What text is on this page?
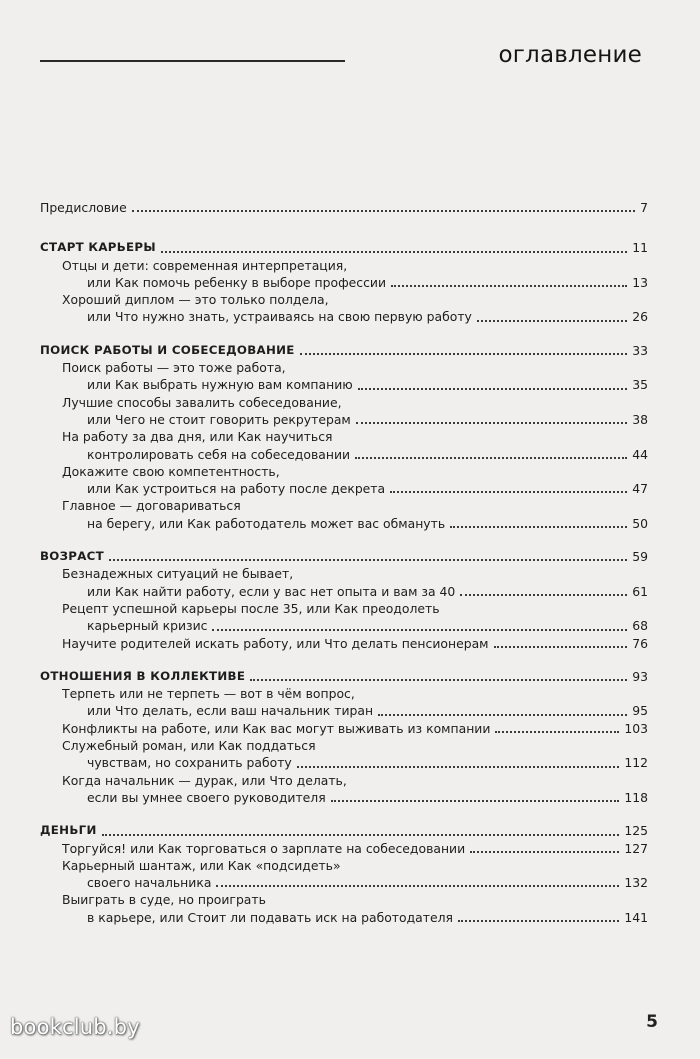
оглавление
Предисловие	7
СТАРТ КАРЬЕРЫ	11
Отцы и дети: современная интерпретация,
или Как помочь ребенку в выборе профессии	13
Хороший диплом — это только полдела,
или Что нужно знать, устраиваясь на свою первую работу	26
ПОИСК РАБОТЫ И СОБЕСЕДОВАНИЕ	33
Поиск работы — это тоже работа,
или Как выбрать нужную вам компанию	35
Лучшие способы завалить собеседование,
или Чего не стоит говорить рекрутерам	38
На работу за два дня, или Как научиться
контролировать себя на собеседовании	44
Докажите свою компетентность,
или Как устроиться на работу после декрета	47
Главное — договариваться
на берегу, или Как работодатель может вас обмануть	50
ВОЗРАСТ	59
Безнадежных ситуаций не бывает,
или Как найти работу, если у вас нет опыта и вам за 40	61
Рецепт успешной карьеры после 35, или Как преодолеть
карьерный кризис	68
Научите родителей искать работу, или Что делать пенсионерам	76
ОТНОШЕНИЯ В КОЛЛЕКТИВЕ	93
Терпеть или не терпеть — вот в чём вопрос,
или Что делать, если ваш начальник тиран	95
Конфликты на работе, или Как вас могут выживать из компании	103
Служебный роман, или Как поддаться
чувствам, но сохранить работу	112
Когда начальник — дурак, или Что делать,
если вы умнее своего руководителя	118
ДЕНЬГИ	125
Торгуйся! или Как торговаться о зарплате на собеседовании	127
Карьерный шантаж, или Как «подсидеть»
своего начальника	132
Выиграть в суде, но проиграть
в карьере, или Стоит ли подавать иск на работодателя	141
bookclub.by	5
